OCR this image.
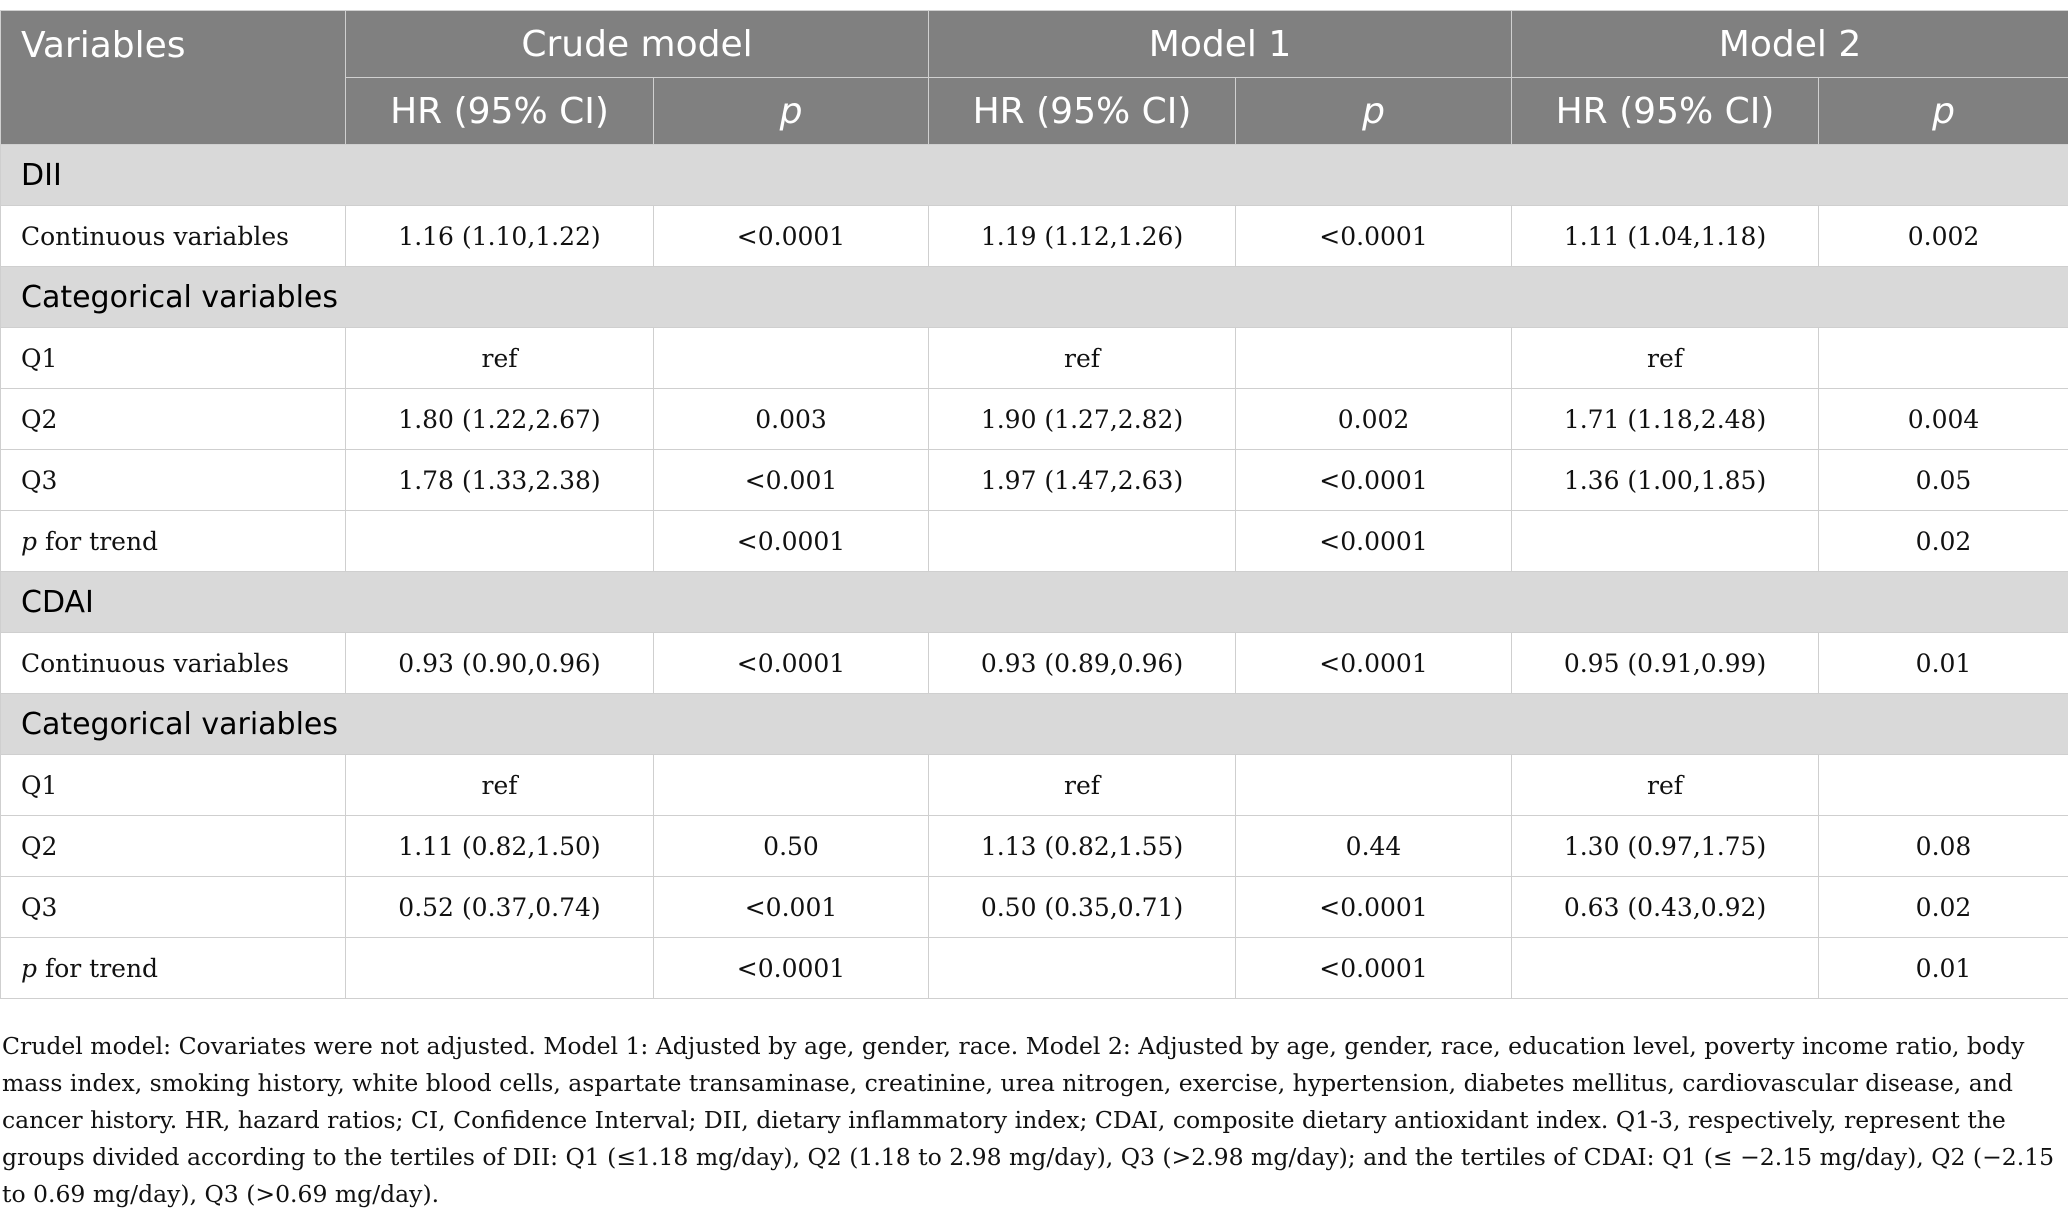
Variables	Crude model		Model 1		Model 2	
	HR (95% CI)	p	HR (95% CI)	p	HR (95% CI)	p
DII						
Continuous variables	1.16 (1.10,1.22)	<0.0001	1.19 (1.12,1.26)	<0.0001	1.11 (1.04,1.18)	0.002
Categorical variables						
Q1	ref		ref		ref	
Q2	1.80 (1.22,2.67)	0.003	1.90 (1.27,2.82)	0.002	1.71 (1.18,2.48)	0.004
Q3	1.78 (1.33,2.38)	<0.001	1.97 (1.47,2.63)	<0.0001	1.36 (1.00,1.85)	0.05
p for trend		<0.0001		<0.0001		0.02
CDAI						
Continuous variables	0.93 (0.90,0.96)	<0.0001	0.93 (0.89,0.96)	<0.0001	0.95 (0.91,0.99)	0.01
Categorical variables						
Q1	ref		ref		ref	
Q2	1.11 (0.82,1.50)	0.50	1.13 (0.82,1.55)	0.44	1.30 (0.97,1.75)	0.08
Q3	0.52 (0.37,0.74)	<0.001	0.50 (0.35,0.71)	<0.0001	0.63 (0.43,0.92)	0.02
p for trend		<0.0001		<0.0001		0.01
Crudel model: Covariates were not adjusted. Model 1: Adjusted by age, gender, race. Model 2: Adjusted by age, gender, race, education level, poverty income ratio, body mass index, smoking history, white blood cells, aspartate transaminase, creatinine, urea nitrogen, exercise, hypertension, diabetes mellitus, cardiovascular disease, and cancer history. HR, hazard ratios; CI, Confidence Interval; DII, dietary inflammatory index; CDAI, composite dietary antioxidant index. Q1-3, respectively, represent the groups divided according to the tertiles of DII: Q1 (≤1.18 mg/day), Q2 (1.18 to 2.98 mg/day), Q3 (>2.98 mg/day); and the tertiles of CDAI: Q1 (≤ −2.15 mg/day), Q2 (−2.15 to 0.69 mg/day), Q3 (>0.69 mg/day).
